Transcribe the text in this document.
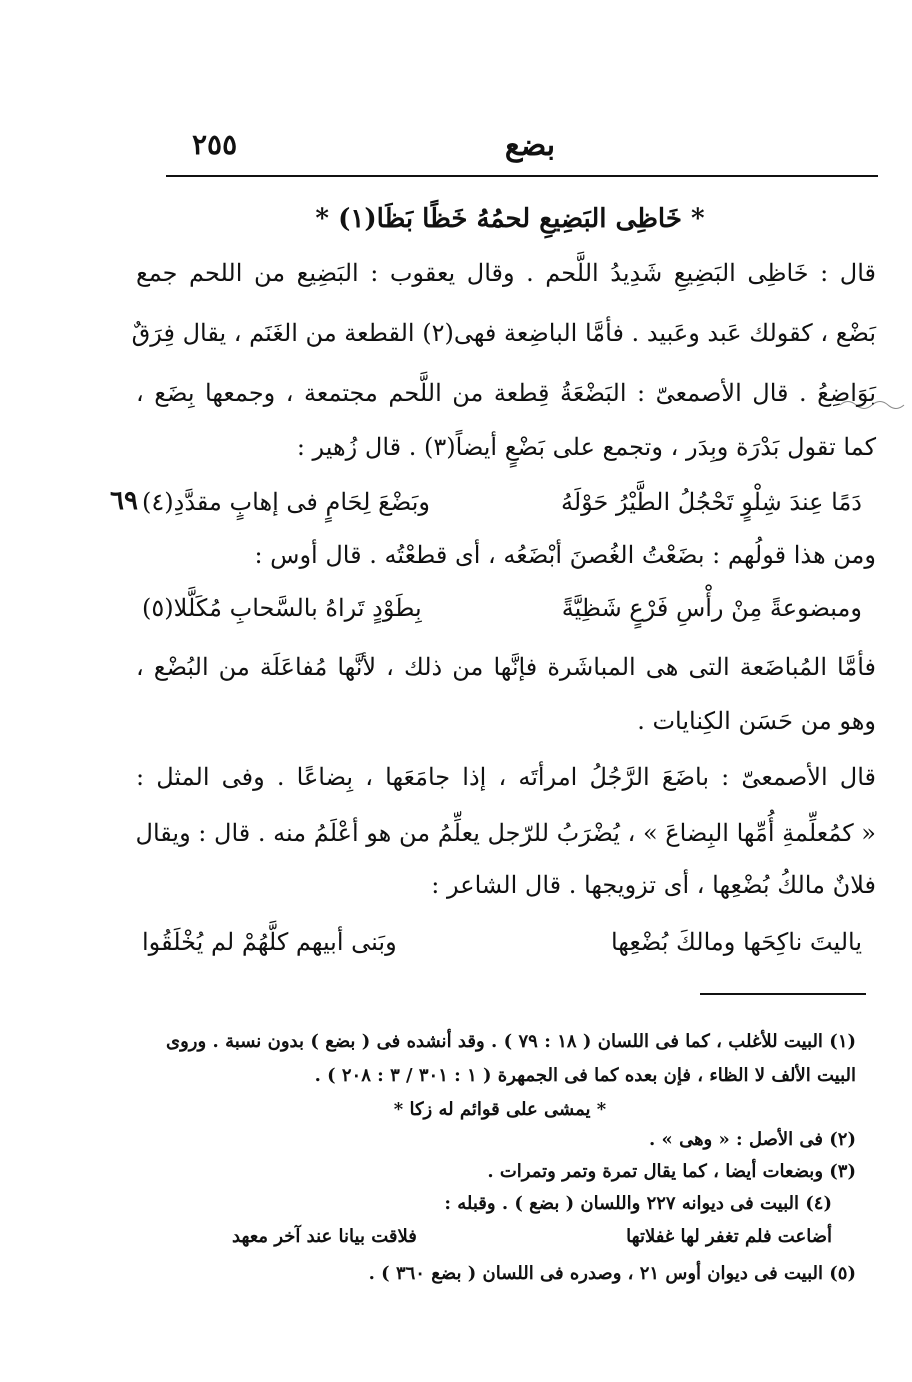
٢٥٥	بضع
* خَاظِى البَضِيعِ لحمُهُ خَظًا بَظَا(١) *
٦٩
قال : خَاظِى البَضِيعِ شَدِيدُ اللَّحم . وقال يعقوب : البَضِيع من اللحم جمع
بَضْع ، كقولك عَبد وعَبيد . فأمَّا الباضِعة فهى(٢) القطعة من الغَنَم ، يقال فِرَقٌ
بَوَاضِعُ . قال الأصمعىّ : البَضْعَةُ قِطعة من اللَّحم مجتمعة ، وجمعها بِضَع ،
كما تقول بَدْرَة وبِدَر ، وتجمع على بَضْعٍ أيضاً(٣) . قال زُهير :
دَمًا عِندَ شِلْوٍ تَحْجُلُ الطَّيْرُ حَوْلَهُ
وبَضْعَ لِحَامٍ فى إهابٍ مقدَّدِ(٤)
ومن هذا قولُهم : بضَعْتُ الغُصنَ أبْضَعُه ، أى قطعْتُه . قال أوس :
ومبضوعةً مِنْ رأْسِ فَرْعٍ شَظِيَّةً
بِطَوْدٍ تَراهُ بالسَّحابِ مُكَلَّلا(٥)
فأمَّا المُباضَعة التى هى المباشَرة فإنَّها من ذلك ، لأنَّها مُفاعَلَة من البُضْع ،
وهو من حَسَن الكِنايات .
قال الأصمعىّ : باضَعَ الرَّجُلُ امرأتَه ، إذا جامَعَها ، بِضاعًا . وفى المثل :
« كمُعلِّمةِ أُمِّها البِضاعَ » ، يُضْرَبُ للرّجل يعلِّمُ من هو أعْلَمُ منه . قال : ويقال
فلانٌ مالكُ بُضْعِها ، أى تزويجها . قال الشاعر :
ياليتَ ناكِحَها ومالكَ بُضْعِها
وبَنى أبيهم كلَّهُمْ لم يُخْلَقُوا
(١) البيت للأغلب ، كما فى اللسان ( ١٨ : ٧٩ ) . وقد أنشده فى ( بضع ) بدون نسبة . وروى
البيت الألف لا الظاء ، فإن بعده كما فى الجمهرة ( ١ : ٣٠١ / ٣ : ٢٠٨ ) .
* يمشى على قوائم له زكا *
(٢) فى الأصل : « وهى » .
(٣) وبضعات أيضا ، كما يقال تمرة وتمر وتمرات .
(٤) البيت فى ديوانه ٢٢٧ واللسان ( بضع ) . وقبله :
أضاعت فلم تغفر لها غفلاتها
فلاقت بيانا عند آخر معهد
(٥) البيت فى ديوان أوس ٢١ ، وصدره فى اللسان ( بضع ٣٦٠ ) .
